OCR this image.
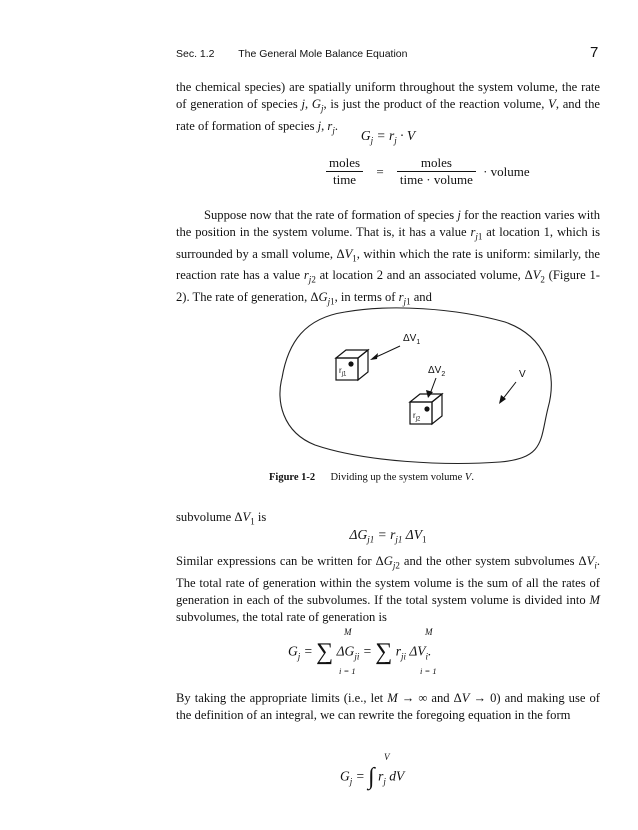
Sec. 1.2 The General Mole Balance Equation	7
the chemical species) are spatially uniform throughout the system volume, the rate of generation of species j, $G_j$, is just the product of the reaction volume, V, and the rate of formation of species j, $r_j$.
$G_j = r_j \cdot V$
$\frac{\text{moles}}{\text{time}} = \frac{\text{moles}}{\text{time · volume}}$ · volume
Suppose now that the rate of formation of species j for the reaction varies with the position in the system volume. That is, it has a value $r_{j1}$ at location 1, which is surrounded by a small volume, $\Delta V_1$, within which the rate is uniform: similarly, the reaction rate has a value $r_{j2}$ at location 2 and an associated volume, $\Delta V_2$ (Figure 1-2). The rate of generation, $\Delta G_{j1}$, in terms of $r_{j1}$ and
$\Delta V_1$
$\Delta V_2$	V
$r_{j1}$
$r_{j2}$
Figure 1-2 Dividing up the system volume V.
subvolume $\Delta V_1$ is
$\Delta G_{j1} = r_{j1}$ $\Delta V_1$
Similar expressions can be written for $\Delta G_{j2}$ and the other system subvolumes $\Delta V_i$. The total rate of generation within the system volume is the sum of all the rates of generation in each of the subvolumes. If the total system volume is divided into M subvolumes, the total rate of generation is
M	M
$G_j$ = ∑ $\Delta G_{ji}$ = ∑ $r_{ji}$ $\Delta V_i$.
i = 1	i = 1
By taking the appropriate limits (i.e., let M → ∞ and ΔV → 0) and making use of the definition of an integral, we can rewrite the foregoing equation in the form
V
$G_j$ = ∫ $r_j$ dV
